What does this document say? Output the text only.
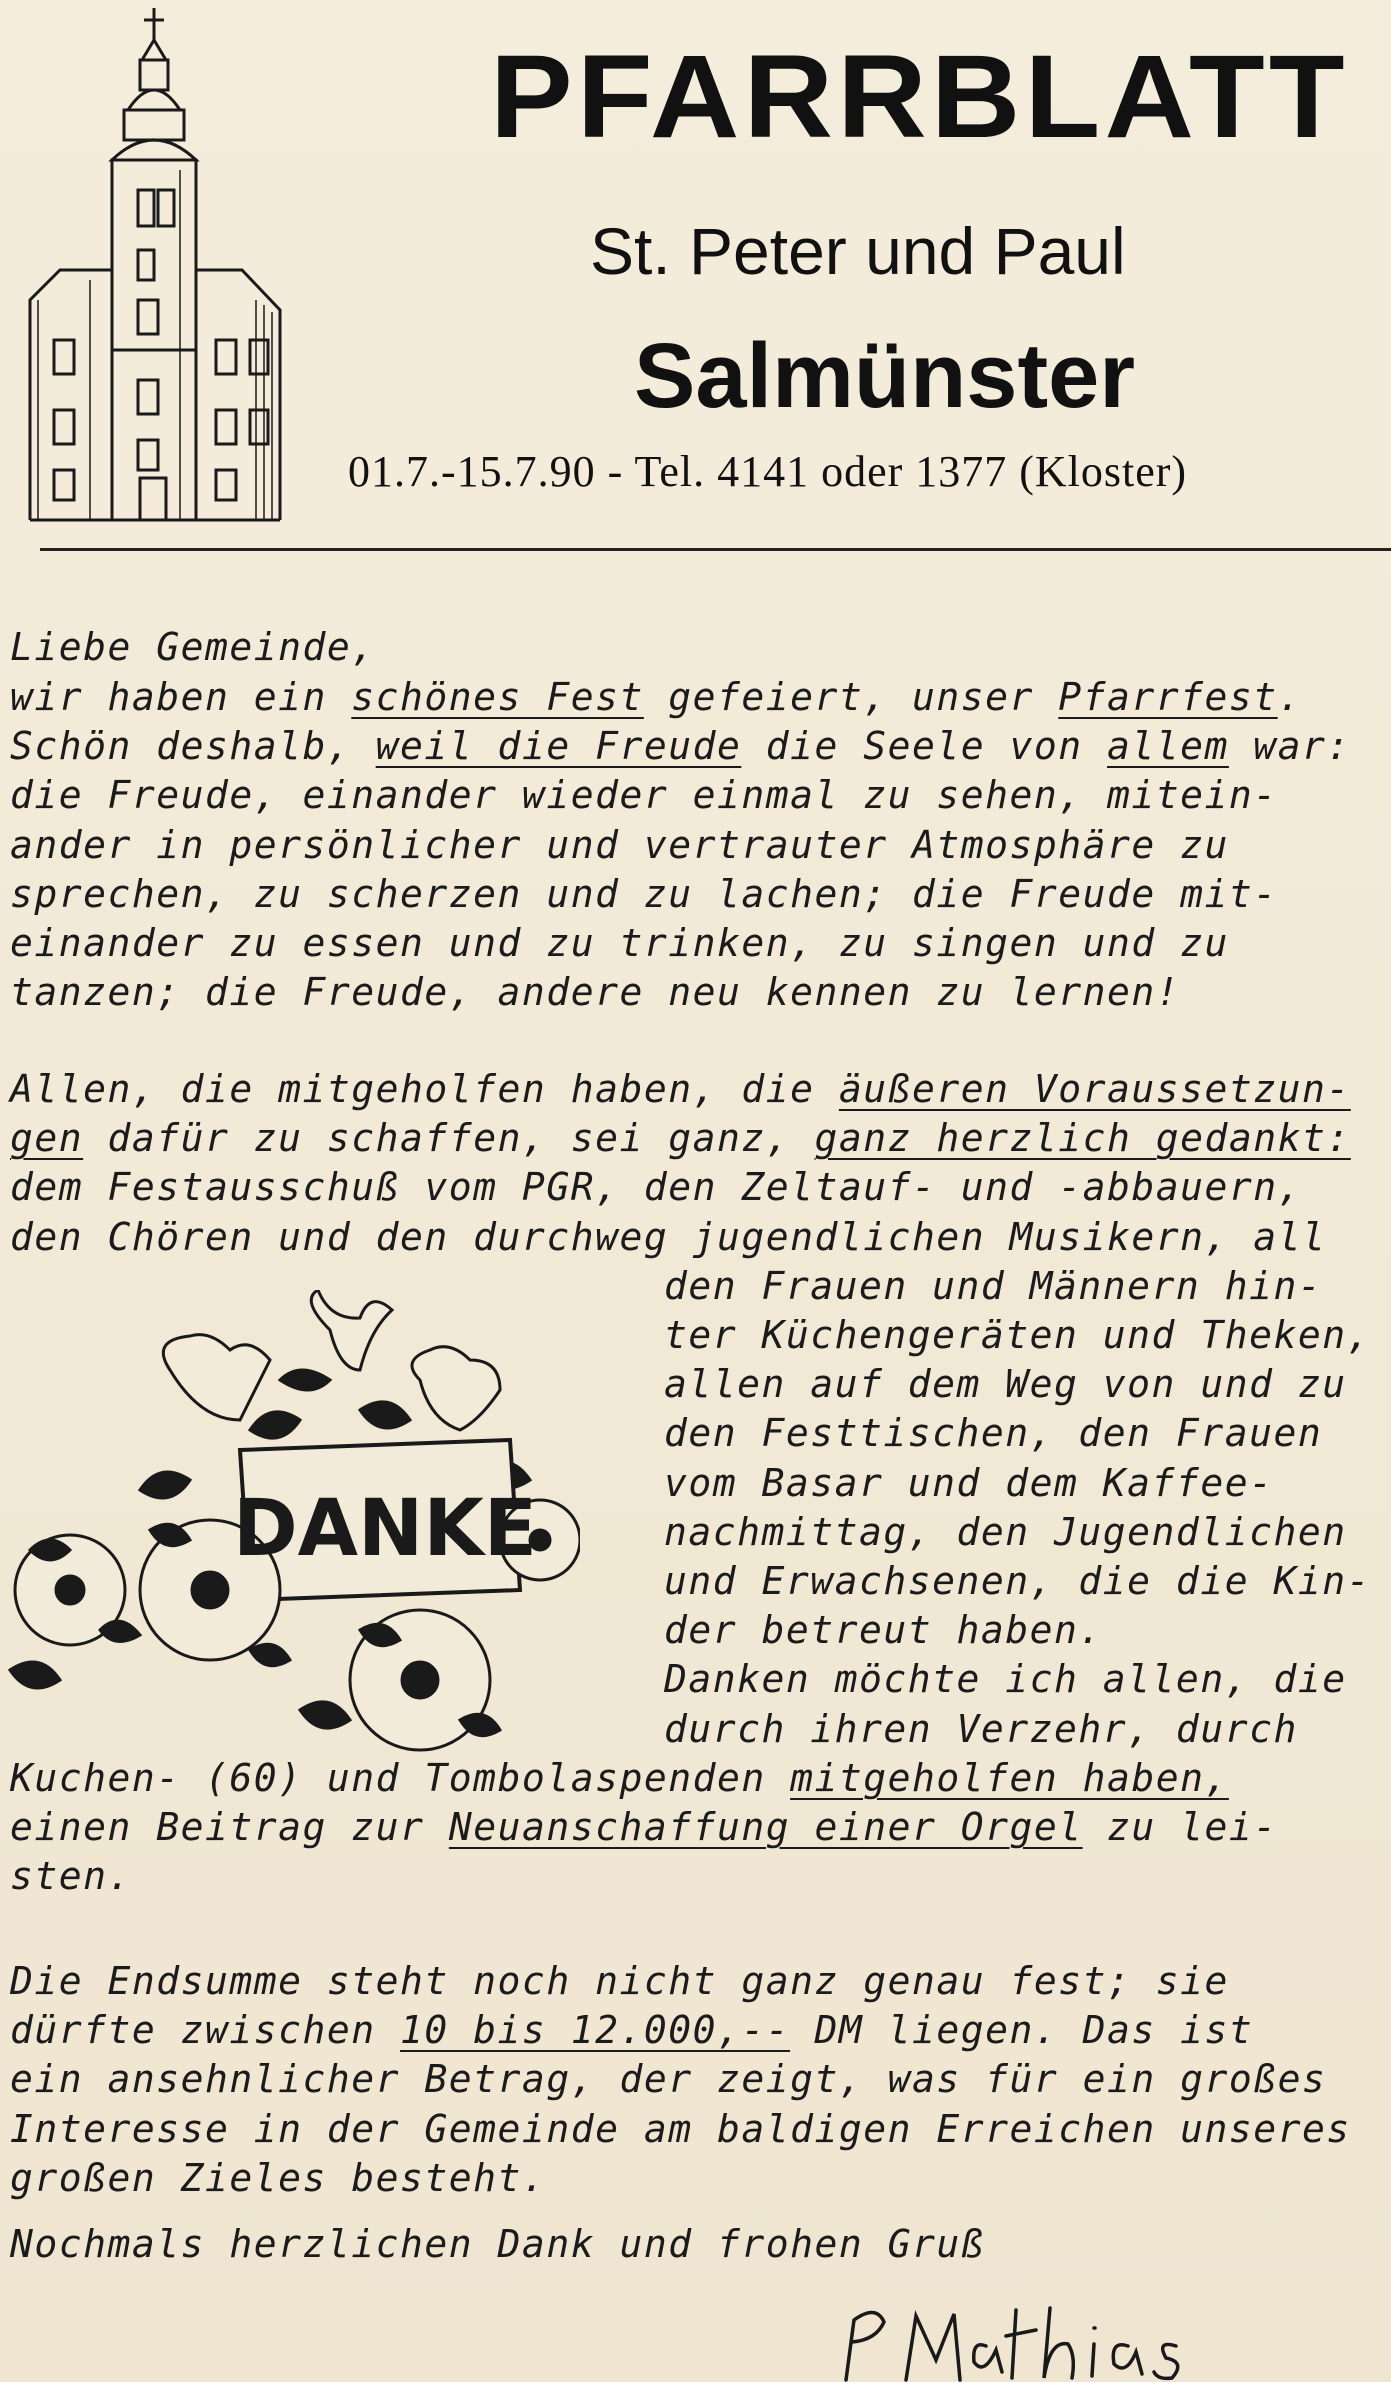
PFARRBLATT
St. Peter und Paul
Salmünster
01.7.-15.7.90 - Tel. 4141 oder 1377 (Kloster)
Liebe Gemeinde,
wir haben ein schönes Fest gefeiert, unser Pfarrfest.
Schön deshalb, weil die Freude die Seele von allem war:
die Freude, einander wieder einmal zu sehen, mitein-
ander in persönlicher und vertrauter Atmosphäre zu
sprechen, zu scherzen und zu lachen; die Freude mit-
einander zu essen und zu trinken, zu singen und zu
tanzen; die Freude, andere neu kennen zu lernen!
Allen, die mitgeholfen haben, die äußeren Voraussetzun-
gen dafür zu schaffen, sei ganz, ganz herzlich gedankt:
dem Festausschuß vom PGR, den Zeltauf- und -abbauern,
den Chören und den durchweg jugendlichen Musikern, all
den Frauen und Männern hin-
ter Küchengeräten und Theken,
allen auf dem Weg von und zu
den Festtischen, den Frauen
vom Basar und dem Kaffee-
nachmittag, den Jugendlichen
und Erwachsenen, die die Kin-
der betreut haben.
Danken möchte ich allen, die
durch ihren Verzehr, durch
Kuchen- (60) und Tombolaspenden mitgeholfen haben,
einen Beitrag zur Neuanschaffung einer Orgel zu lei-
sten.
Die Endsumme steht noch nicht ganz genau fest; sie
dürfte zwischen 10 bis 12.000,-- DM liegen. Das ist
ein ansehnlicher Betrag, der zeigt, was für ein großes
Interesse in der Gemeinde am baldigen Erreichen unseres
großen Zieles besteht.
Nochmals herzlichen Dank und frohen Gruß
DANKE
